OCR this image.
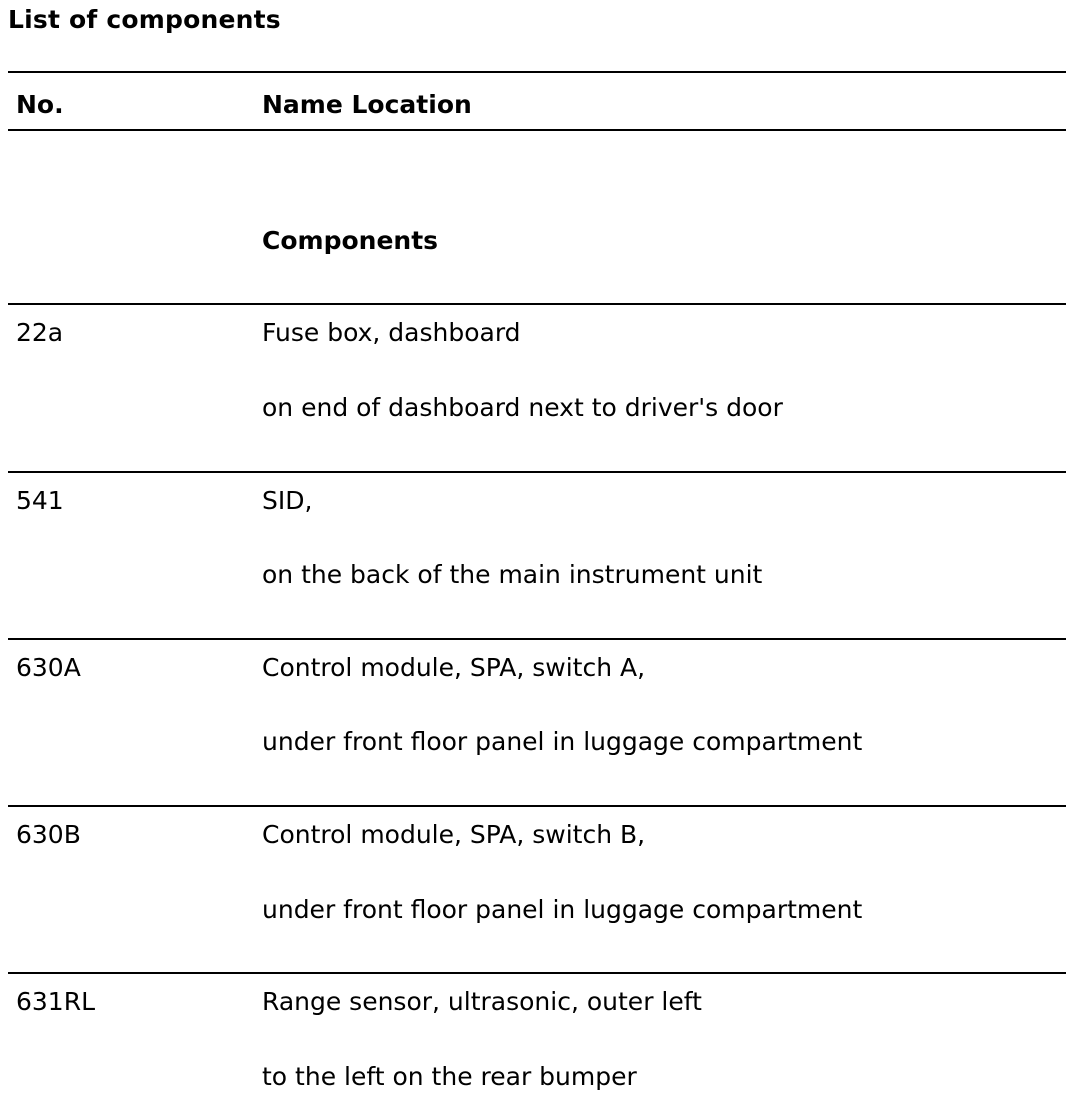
List of components
No.	Name Location
Components
22a	Fuse box, dashboard
on end of dashboard next to driver's door
541	SID,
on the back of the main instrument unit
630A	Control module, SPA, switch A,
under front floor panel in luggage compartment
630B	Control module, SPA, switch B,
under front floor panel in luggage compartment
631RL	Range sensor, ultrasonic, outer left
to the left on the rear bumper
